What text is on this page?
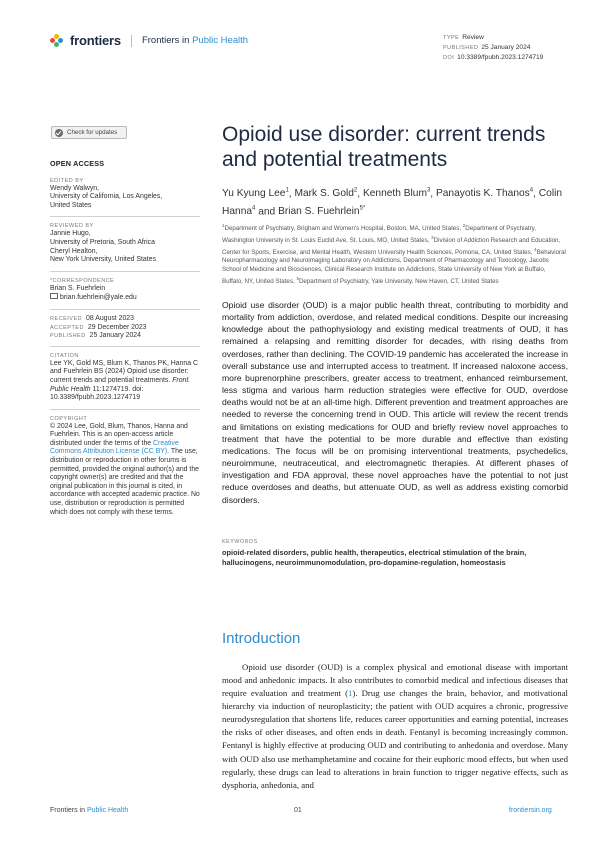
frontiers Frontiers in Public Health	TYPE Review
PUBLISHED 25 January 2024
DOI 10.3389/fpubh.2023.1274719
Check for updates
OPEN ACCESS
EDITED BY
Wendy Walwyn,
University of California, Los Angeles,
United States
REVIEWED BY
Jannie Hugo,
University of Pretoria, South Africa
Cheryl Healton,
New York University, United States
*CORRESPONDENCE
Brian S. Fuehrlein
brian.fuehrlein@yale.edu
RECEIVED 08 August 2023
ACCEPTED 29 December 2023
PUBLISHED 25 January 2024
CITATION
Lee YK, Gold MS, Blum K, Thanos PK, Hanna C and Fuehrlein BS (2024) Opioid use disorder: current trends and potential treatments. Front. Public Health 11:1274719. doi: 10.3389/fpubh.2023.1274719
COPYRIGHT
© 2024 Lee, Gold, Blum, Thanos, Hanna and Fuehrlein. This is an open-access article distributed under the terms of the Creative Commons Attribution License (CC BY). The use, distribution or reproduction in other forums is permitted, provided the original author(s) and the copyright owner(s) are credited and that the original publication in this journal is cited, in accordance with accepted academic practice. No use, distribution or reproduction is permitted which does not comply with these terms.
Opioid use disorder: current trends and potential treatments
Yu Kyung Lee$^1$, Mark S. Gold$^2$, Kenneth Blum$^3$, Panayotis K. Thanos$^4$, Colin Hanna$^4$ and Brian S. Fuehrlein$^{5*}$
$^1$Department of Psychiatry, Brigham and Women's Hospital, Boston, MA, United States, $^2$Department of Psychiatry, Washington University in St. Louis Euclid Ave, St. Louis, MO, United States, $^3$Division of Addiction Research and Education, Center for Sports, Exercise, and Mental Health, Western University Health Sciences, Pomona, CA, United States, $^4$Behavioral Neuropharmacology and Neuroimaging Laboratory on Addictions, Department of Pharmacology and Toxicology, Jacobs School of Medicine and Biosciences, Clinical Research Institute on Addictions, State University of New York at Buffalo, Buffalo, NY, United States, $^5$Department of Psychiatry, Yale University, New Haven, CT, United States
Opioid use disorder (OUD) is a major public health threat, contributing to morbidity and mortality from addiction, overdose, and related medical conditions. Despite our increasing knowledge about the pathophysiology and existing medical treatments of OUD, it has remained a relapsing and remitting disorder for decades, with rising deaths from overdoses, rather than declining. The COVID-19 pandemic has accelerated the increase in overall substance use and interrupted access to treatment. If increased naloxone access, more buprenorphine prescribers, greater access to treatment, enhanced reimbursement, less stigma and various harm reduction strategies were effective for OUD, overdose deaths would not be at an all-time high. Different prevention and treatment approaches are needed to reverse the concerning trend in OUD. This article will review the recent trends and limitations on existing medications for OUD and briefly review novel approaches to treatment that have the potential to be more durable and effective than existing medications. The focus will be on promising interventional treatments, psychedelics, neuroimmune, neutraceutical, and electromagnetic therapies. At different phases of investigation and FDA approval, these novel approaches have the potential to not just reduce overdoses and deaths, but attenuate OUD, as well as address existing comorbid disorders.
KEYWORDS
opioid-related disorders, public health, therapeutics, electrical stimulation of the brain, hallucinogens, neuroimmunomodulation, pro-dopamine-regulation, homeostasis
Introduction
Opioid use disorder (OUD) is a complex physical and emotional disease with important mood and anhedonic impacts. It also contributes to comorbid medical and infectious diseases that require evaluation and treatment (1). Drug use changes the brain, behavior, and motivational hierarchy via induction of neuroplasticity; the patient with OUD acquires a chronic, progressive neurodysregulation that shortens life, reduces career opportunities and earning potential, increases the risks of other diseases, and often ends in death. Fentanyl is becoming increasingly common. Fentanyl is highly effective at producing OUD and contributing to anhedonia and overdose. Many with OUD also use methamphetamine and cocaine for their euphoric mood effects, but when used regularly, these drugs can lead to alterations in brain function to trigger negative effects, such as dysphoria, anhedonia, and
Frontiers in Public Health	01	frontiersin.org
